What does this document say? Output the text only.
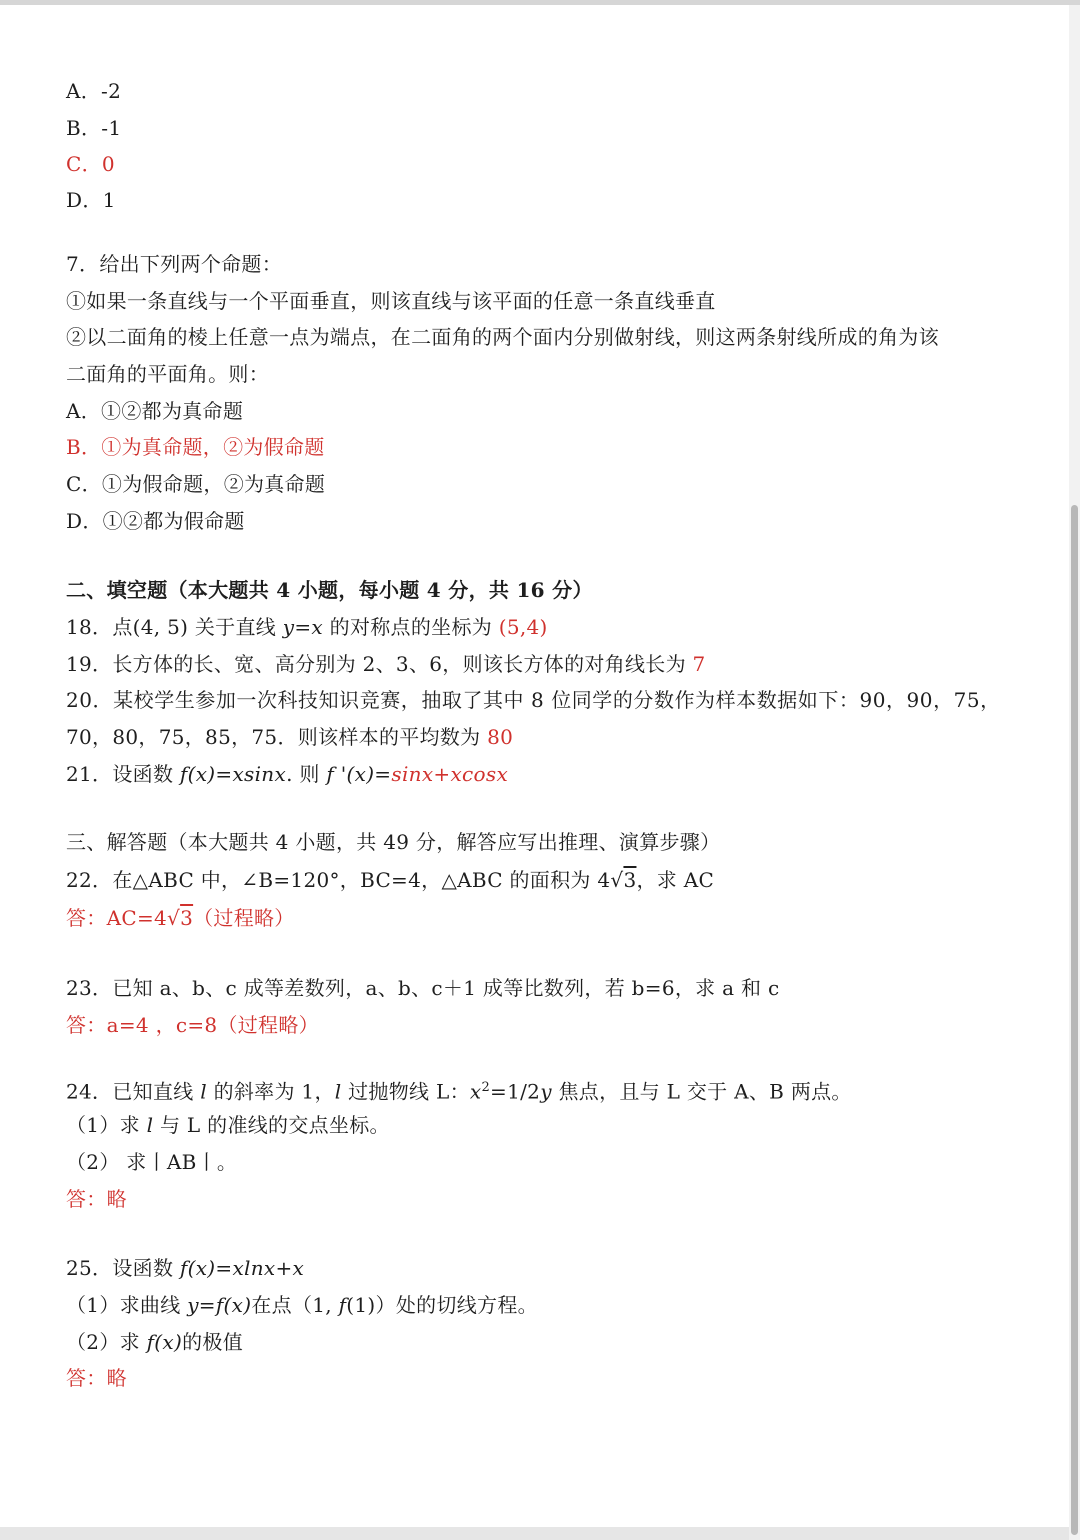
A．-2

B．-1

C．0

D．1

7．给出下列两个命题：

①如果一条直线与一个平面垂直，则该直线与该平面的任意一条直线垂直

②以二面角的棱上任意一点为端点，在二面角的两个面内分别做射线，则这两条射线所成的角为该

二面角的平面角。则：

A．①②都为真命题

B．①为真命题，②为假命题

C．①为假命题，②为真命题

D．①②都为假命题

二、填空题（本大题共 4 小题，每小题 4 分，共 16 分）

18．点(4, 5) 关于直线 y=x 的对称点的坐标为 (5,4)

19．长方体的长、宽、高分别为 2、3、6，则该长方体的对角线长为 7

20．某校学生参加一次科技知识竞赛，抽取了其中 8 位同学的分数作为样本数据如下：90，90，75，

70，80，75，85，75．则该样本的平均数为 80

21．设函数 f(x)=xsinx. 则 f '(x)=sinx+xcosx

三、解答题（本大题共 4 小题，共 49 分，解答应写出推理、演算步骤）

22．在△ABC 中，∠B=120°，BC=4，△ABC 的面积为 4√3，求 AC

答：AC=4√3（过程略）

23．已知 a、b、c 成等差数列，a、b、c＋1 成等比数列，若 b=6，求 a 和 c

答：a=4 ，c=8（过程略）

24．已知直线 l 的斜率为 1，l 过抛物线 L：$x^2=1/2y$ 焦点，且与 L 交于 A、B 两点。

（1）求 l 与 L 的准线的交点坐标。

（2） 求丨AB丨。

答：略

25．设函数 f(x)=xlnx+x

（1）求曲线 y=f(x)在点（1, f(1)）处的切线方程。

（2）求 f(x)的极值

答：略
